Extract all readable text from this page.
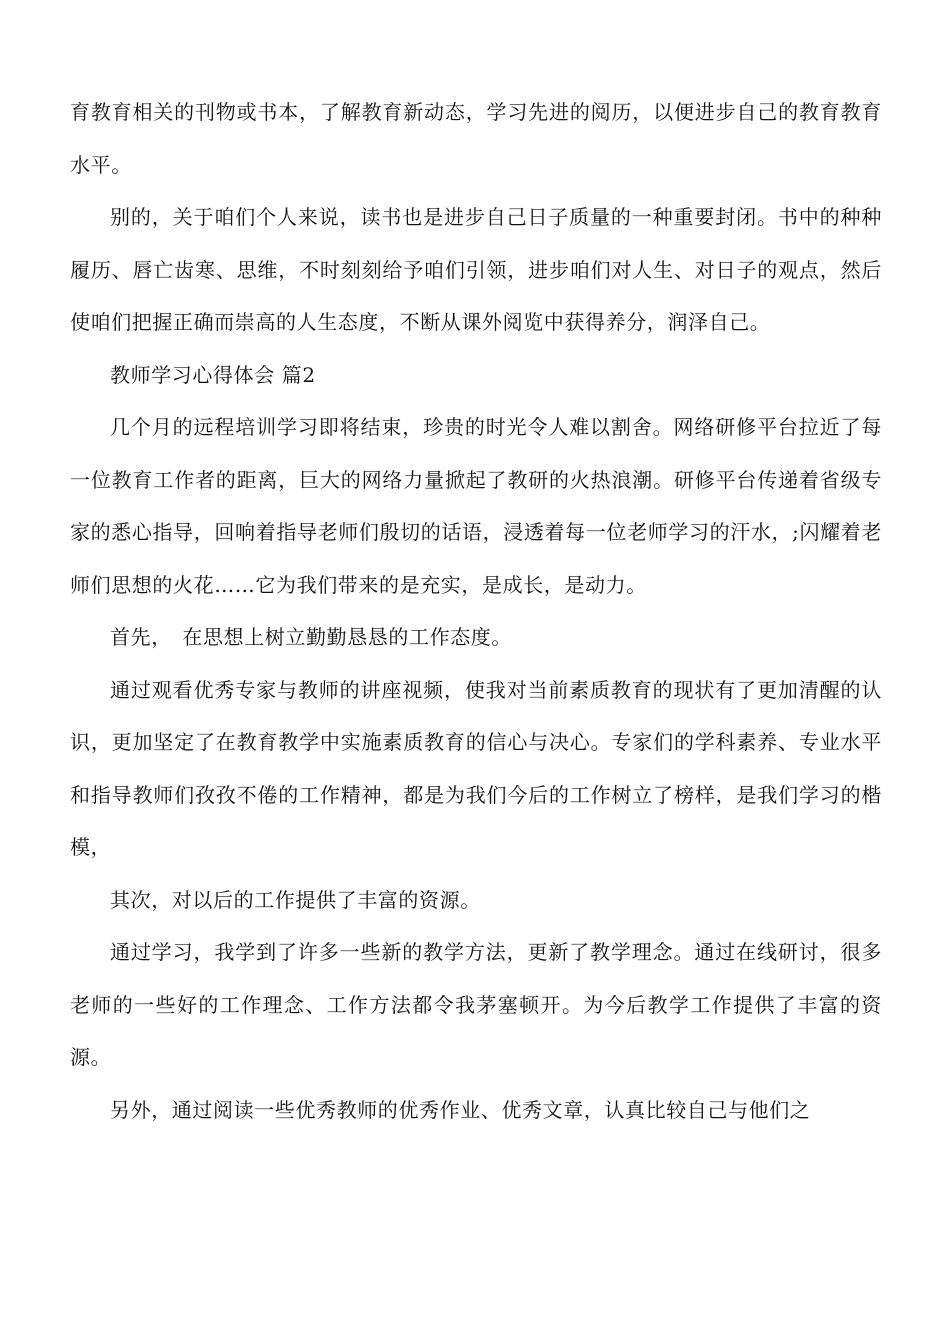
育教育相关的刊物或书本，了解教育新动态，学习先进的阅历，以便进步自己的教育教育水平。

别的，关于咱们个人来说，读书也是进步自己日子质量的一种重要封闭。书中的种种履历、唇亡齿寒、思维，不时刻刻给予咱们引领，进步咱们对人生、对日子的观点，然后使咱们把握正确而崇高的人生态度，不断从课外阅览中获得养分，润泽自己。

教师学习心得体会 篇2

几个月的远程培训学习即将结束，珍贵的时光令人难以割舍。网络研修平台拉近了每一位教育工作者的距离，巨大的网络力量掀起了教研的火热浪潮。研修平台传递着省级专家的悉心指导，回响着指导老师们殷切的话语，浸透着每一位老师学习的汗水，;闪耀着老师们思想的火花……它为我们带来的是充实，是成长，是动力。

首先，　在思想上树立勤勤恳恳的工作态度。

通过观看优秀专家与教师的讲座视频，使我对当前素质教育的现状有了更加清醒的认识，更加坚定了在教育教学中实施素质教育的信心与决心。专家们的学科素养、专业水平和指导教师们孜孜不倦的工作精神，都是为我们今后的工作树立了榜样，是我们学习的楷模，

其次，对以后的工作提供了丰富的资源。

通过学习，我学到了许多一些新的教学方法，更新了教学理念。通过在线研讨，很多老师的一些好的工作理念、工作方法都令我茅塞顿开。为今后教学工作提供了丰富的资源。

另外，通过阅读一些优秀教师的优秀作业、优秀文章，认真比较自己与他们之
